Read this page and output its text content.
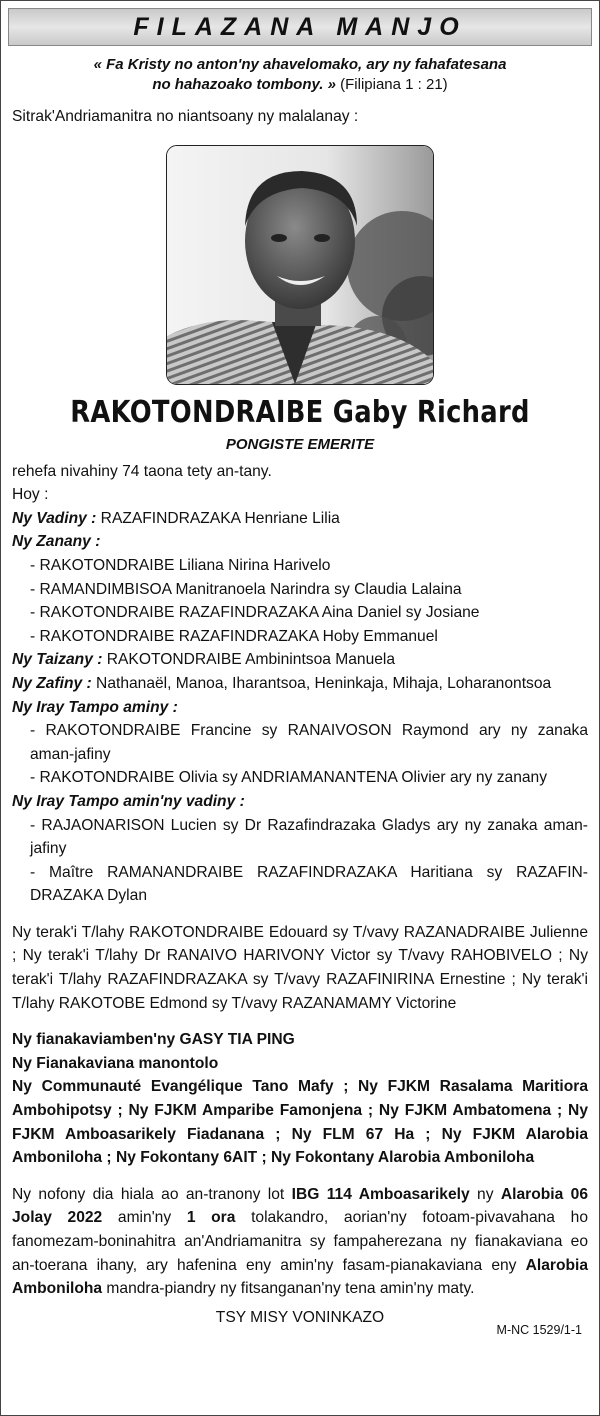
FILAZANA MANJO
« Fa Kristy no anton'ny ahavelomako, ary ny fahafatesana
no hahazoako tombony. » (Filipiana 1 : 21)

Sitrak'Andriamanitra no niantsoany ny malalanay :

RAKOTONDRAIBE Gaby Richard
PONGISTE EMERITE

rehefa nivahiny 74 taona tety an-tany.

Hoy :

Ny Vadiny : RAZAFINDRAZAKA Henriane Lilia

Ny Zanany :

- RAKOTONDRAIBE Liliana Nirina Harivelo

- RAMANDIMBISOA Manitranoela Narindra sy Claudia Lalaina

- RAKOTONDRAIBE RAZAFINDRAZAKA Aina Daniel sy Josiane

- RAKOTONDRAIBE RAZAFINDRAZAKA Hoby Emmanuel

Ny Taizany : RAKOTONDRAIBE Ambinintsoa Manuela

Ny Zafiny : Nathanaël, Manoa, Iharantsoa, Heninkaja, Mihaja, Loharanontsoa

Ny Iray Tampo aminy :

- RAKOTONDRAIBE Francine sy RANAIVOSON Raymond ary ny zanaka aman-jafiny

- RAKOTONDRAIBE Olivia sy ANDRIAMANANTENA Olivier ary ny zanany

Ny Iray Tampo amin'ny vadiny :

- RAJAONARISON Lucien sy Dr Razafindrazaka Gladys ary ny zanaka aman-jafiny

- Maître RAMANANDRAIBE RAZAFINDRAZAKA Haritiana sy RAZAFIN-DRAZAKA Dylan

Ny terak'i T/lahy RAKOTONDRAIBE Edouard sy T/vavy RAZANADRAIBE Julienne ; Ny terak'i T/lahy Dr RANAIVO HARIVONY Victor sy T/vavy RAHOBIVELO ; Ny terak'i T/lahy RAZAFINDRAZAKA sy T/vavy RAZAFINIRINA Ernestine ; Ny terak'i T/lahy RAKOTOBE Edmond sy T/vavy RAZANAMAMY Victorine

Ny fianakaviamben'ny GASY TIA PING

Ny Fianakaviana manontolo

Ny Communauté Evangélique Tano Mafy ; Ny FJKM Rasalama Maritiora Ambohipotsy ; Ny FJKM Amparibe Famonjena ; Ny FJKM Ambatomena ; Ny FJKM Amboasarikely Fiadanana ; Ny FLM 67 Ha ; Ny FJKM Alarobia Amboniloha ; Ny Fokontany 6AIT ; Ny Fokontany Alarobia Amboniloha

Ny nofony dia hiala ao an-tranony lot IBG 114 Amboasarikely ny Alarobia 06 Jolay 2022 amin'ny 1 ora tolakandro, aorian'ny fotoam-pivavahana ho fanomezam-boninahitra an'Andriamanitra sy fampaherezana ny fianakaviana eo an-toerana ihany, ary hafenina eny amin'ny fasam-pianakaviana eny Alarobia Amboniloha mandra-piandry ny fitsanganan'ny tena amin'ny maty.

TSY MISY VONINKAZO
M-NC 1529/1-1
